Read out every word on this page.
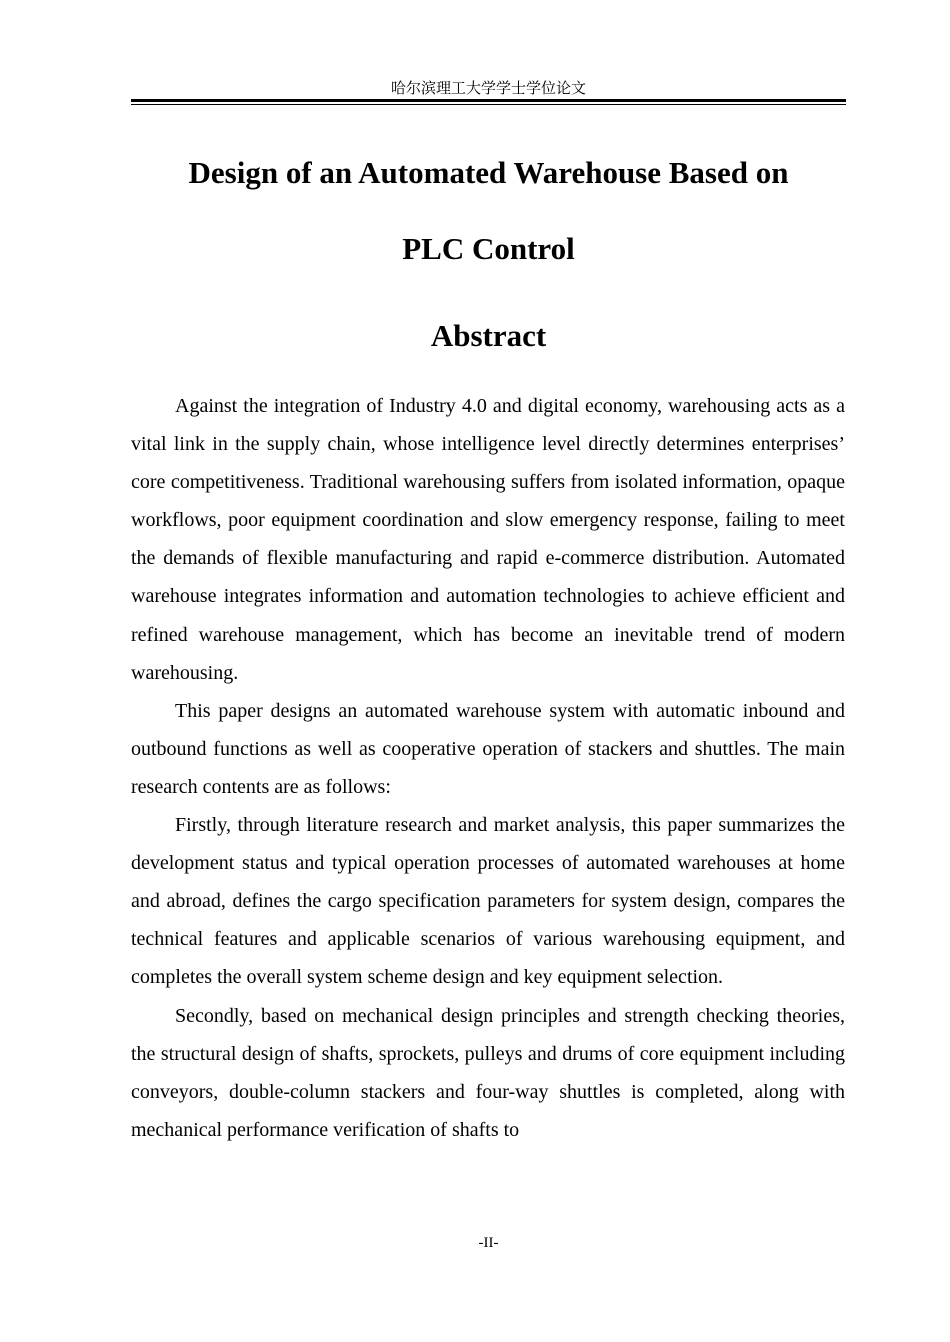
哈尔滨理工大学学士学位论文
Design of an Automated Warehouse Based on
PLC Control
Abstract

Against the integration of Industry 4.0 and digital economy, warehousing acts as a vital link in the supply chain, whose intelligence level directly determines enterprises’ core competitiveness. Traditional warehousing suffers from isolated information, opaque workflows, poor equipment coordination and slow emergency response, failing to meet the demands of flexible manufacturing and rapid e-commerce distribution. Automated warehouse integrates information and automation technologies to achieve efficient and refined warehouse management, which has become an inevitable trend of modern warehousing.

This paper designs an automated warehouse system with automatic inbound and outbound functions as well as cooperative operation of stackers and shuttles. The main research contents are as follows:

Firstly, through literature research and market analysis, this paper summarizes the development status and typical operation processes of automated warehouses at home and abroad, defines the cargo specification parameters for system design, compares the technical features and applicable scenarios of various warehousing equipment, and completes the overall system scheme design and key equipment selection.

Secondly, based on mechanical design principles and strength checking theories, the structural design of shafts, sprockets, pulleys and drums of core equipment including conveyors, double-column stackers and four-way shuttles is completed, along with mechanical performance verification of shafts to

-II-
